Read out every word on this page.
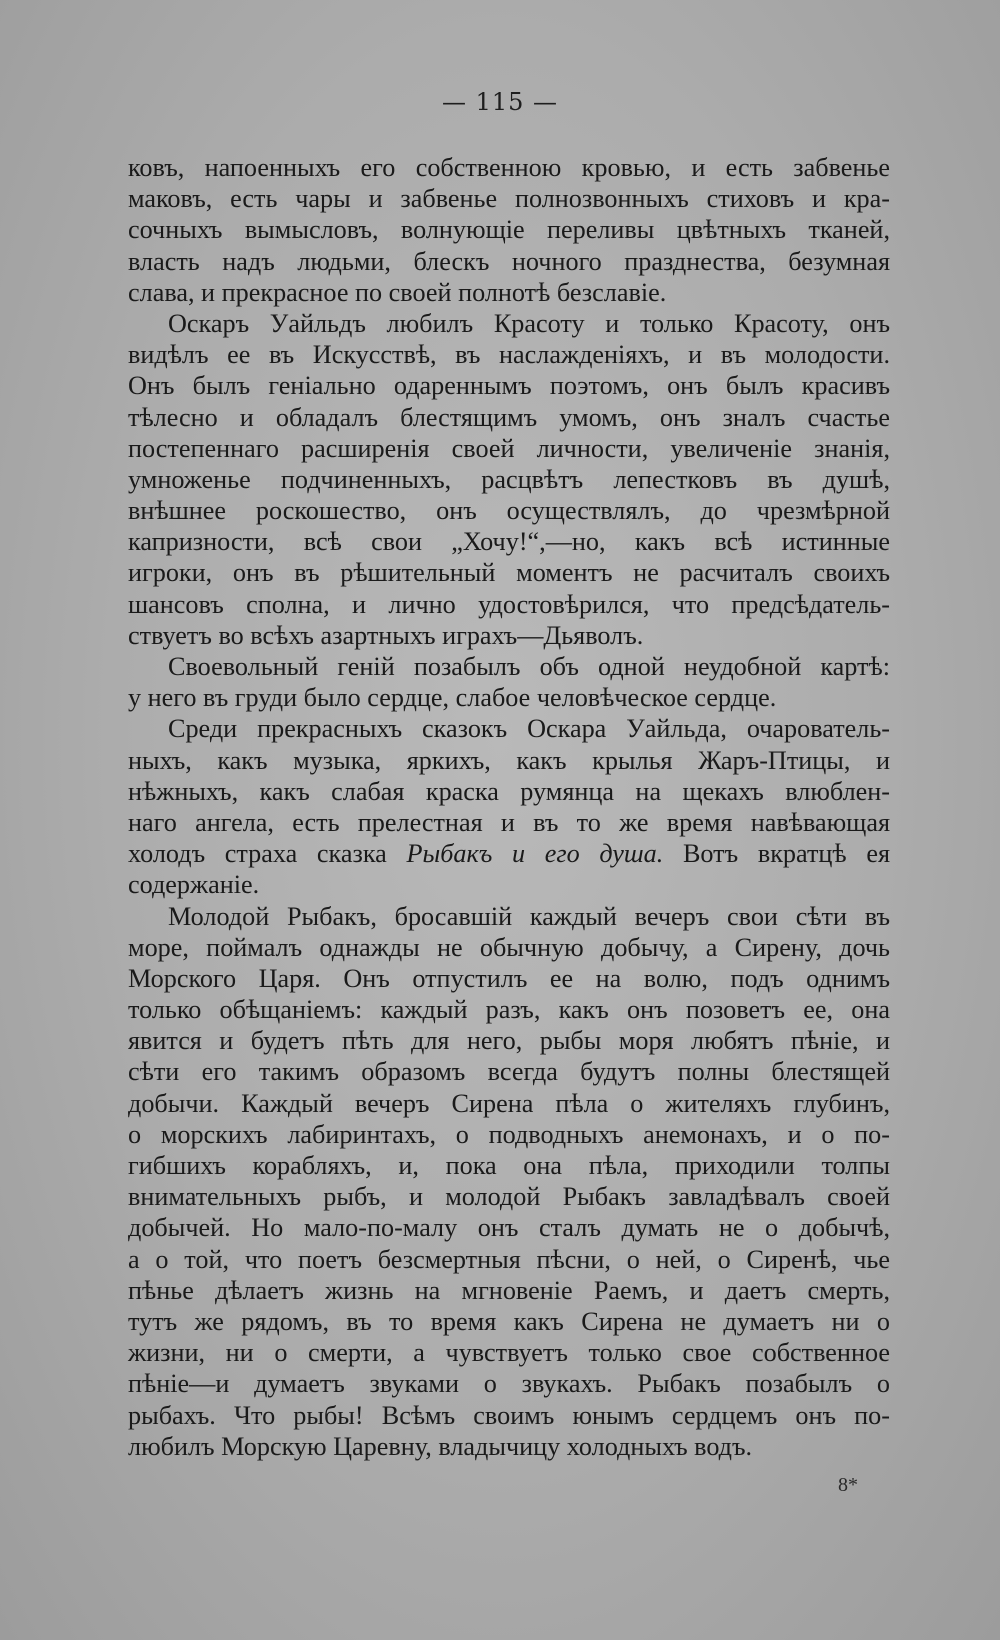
— 115 —
ковъ, напоенныхъ его собственною кровью, и есть забвенье
маковъ, есть чары и забвенье полнозвонныхъ стиховъ и кра-
сочныхъ вымысловъ, волнующіе переливы цвѣтныхъ тканей,
власть надъ людьми, блескъ ночного празднества, безумная
слава, и прекрасное по своей полнотѣ безславіе.
Оскаръ Уайльдъ любилъ Красоту и только Красоту, онъ
видѣлъ ее въ Искусствѣ, въ наслажденіяхъ, и въ молодости.
Онъ былъ геніально одареннымъ поэтомъ, онъ былъ красивъ
тѣлесно и обладалъ блестящимъ умомъ, онъ зналъ счастье
постепеннаго расширенія своей личности, увеличеніе знанія,
умноженье подчиненныхъ, расцвѣтъ лепестковъ въ душѣ,
внѣшнее роскошество, онъ осуществлялъ, до чрезмѣрной
капризности, всѣ свои „Хочу!“,—но, какъ всѣ истинные
игроки, онъ въ рѣшительный моментъ не расчиталъ своихъ
шансовъ сполна, и лично удостовѣрился, что предсѣдатель-
ствуетъ во всѣхъ азартныхъ играхъ—Дьяволъ.
Своевольный геній позабылъ объ одной неудобной картѣ:
у него въ груди было сердце, слабое человѣческое сердце.
Среди прекрасныхъ сказокъ Оскара Уайльда, очарователь-
ныхъ, какъ музыка, яркихъ, какъ крылья Жаръ-Птицы, и
нѣжныхъ, какъ слабая краска румянца на щекахъ влюблен-
наго ангела, есть прелестная и въ то же время навѣвающая
холодъ страха сказка Рыбакъ и его душа. Вотъ вкратцѣ ея
содержаніе.
Молодой Рыбакъ, бросавшій каждый вечеръ свои сѣти въ
море, поймалъ однажды не обычную добычу, а Сирену, дочь
Морского Царя. Онъ отпустилъ ее на волю, подъ однимъ
только обѣщаніемъ: каждый разъ, какъ онъ позоветъ ее, она
явится и будетъ пѣть для него, рыбы моря любятъ пѣніе, и
сѣти его такимъ образомъ всегда будутъ полны блестящей
добычи. Каждый вечеръ Сирена пѣла о жителяхъ глубинъ,
о морскихъ лабиринтахъ, о подводныхъ анемонахъ, и о по-
гибшихъ корабляхъ, и, пока она пѣла, приходили толпы
внимательныхъ рыбъ, и молодой Рыбакъ завладѣвалъ своей
добычей. Но мало-по-малу онъ сталъ думать не о добычѣ,
а о той, что поетъ безсмертныя пѣсни, о ней, о Сиренѣ, чье
пѣнье дѣлаетъ жизнь на мгновеніе Раемъ, и даетъ смерть,
тутъ же рядомъ, въ то время какъ Сирена не думаетъ ни о
жизни, ни о смерти, а чувствуетъ только свое собственное
пѣніе—и думаетъ звуками о звукахъ. Рыбакъ позабылъ о
рыбахъ. Что рыбы! Всѣмъ своимъ юнымъ сердцемъ онъ по-
любилъ Морскую Царевну, владычицу холодныхъ водъ.
8*
